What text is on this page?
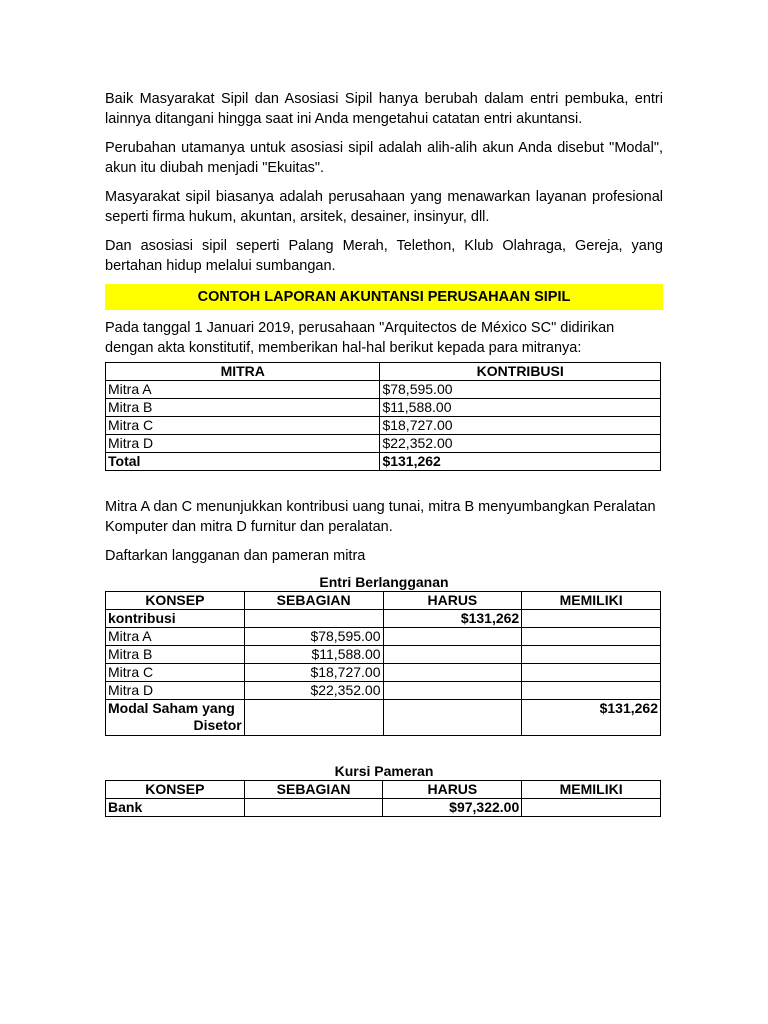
Baik Masyarakat Sipil dan Asosiasi Sipil hanya berubah dalam entri pembuka, entri lainnya ditangani hingga saat ini Anda mengetahui catatan entri akuntansi.

Perubahan utamanya untuk asosiasi sipil adalah alih-alih akun Anda disebut "Modal", akun itu diubah menjadi "Ekuitas".

Masyarakat sipil biasanya adalah perusahaan yang menawarkan layanan profesional seperti firma hukum, akuntan, arsitek, desainer, insinyur, dll.

Dan asosiasi sipil seperti Palang Merah, Telethon, Klub Olahraga, Gereja, yang bertahan hidup melalui sumbangan.

CONTOH LAPORAN AKUNTANSI PERUSAHAAN SIPIL

Pada tanggal 1 Januari 2019, perusahaan "Arquitectos de México SC" didirikan dengan akta konstitutif, memberikan hal-hal berikut kepada para mitranya:

MITRA	KONTRIBUSI
Mitra A	$78,595.00
Mitra B	$11,588.00
Mitra C	$18,727.00
Mitra D	$22,352.00
Total	$131,262

Mitra A dan C menunjukkan kontribusi uang tunai, mitra B menyumbangkan Peralatan Komputer dan mitra D furnitur dan peralatan.

Daftarkan langganan dan pameran mitra

Entri Berlangganan
KONSEP	SEBAGIAN	HARUS	MEMILIKI
kontribusi		$131,262	
Mitra A	$78,595.00		
Mitra B	$11,588.00		
Mitra C	$18,727.00		
Mitra D	$22,352.00		

Modal Saham yang
Disetor			$131,262
Kursi Pameran
KONSEP	SEBAGIAN	HARUS	MEMILIKI
Bank		$97,322.00	
